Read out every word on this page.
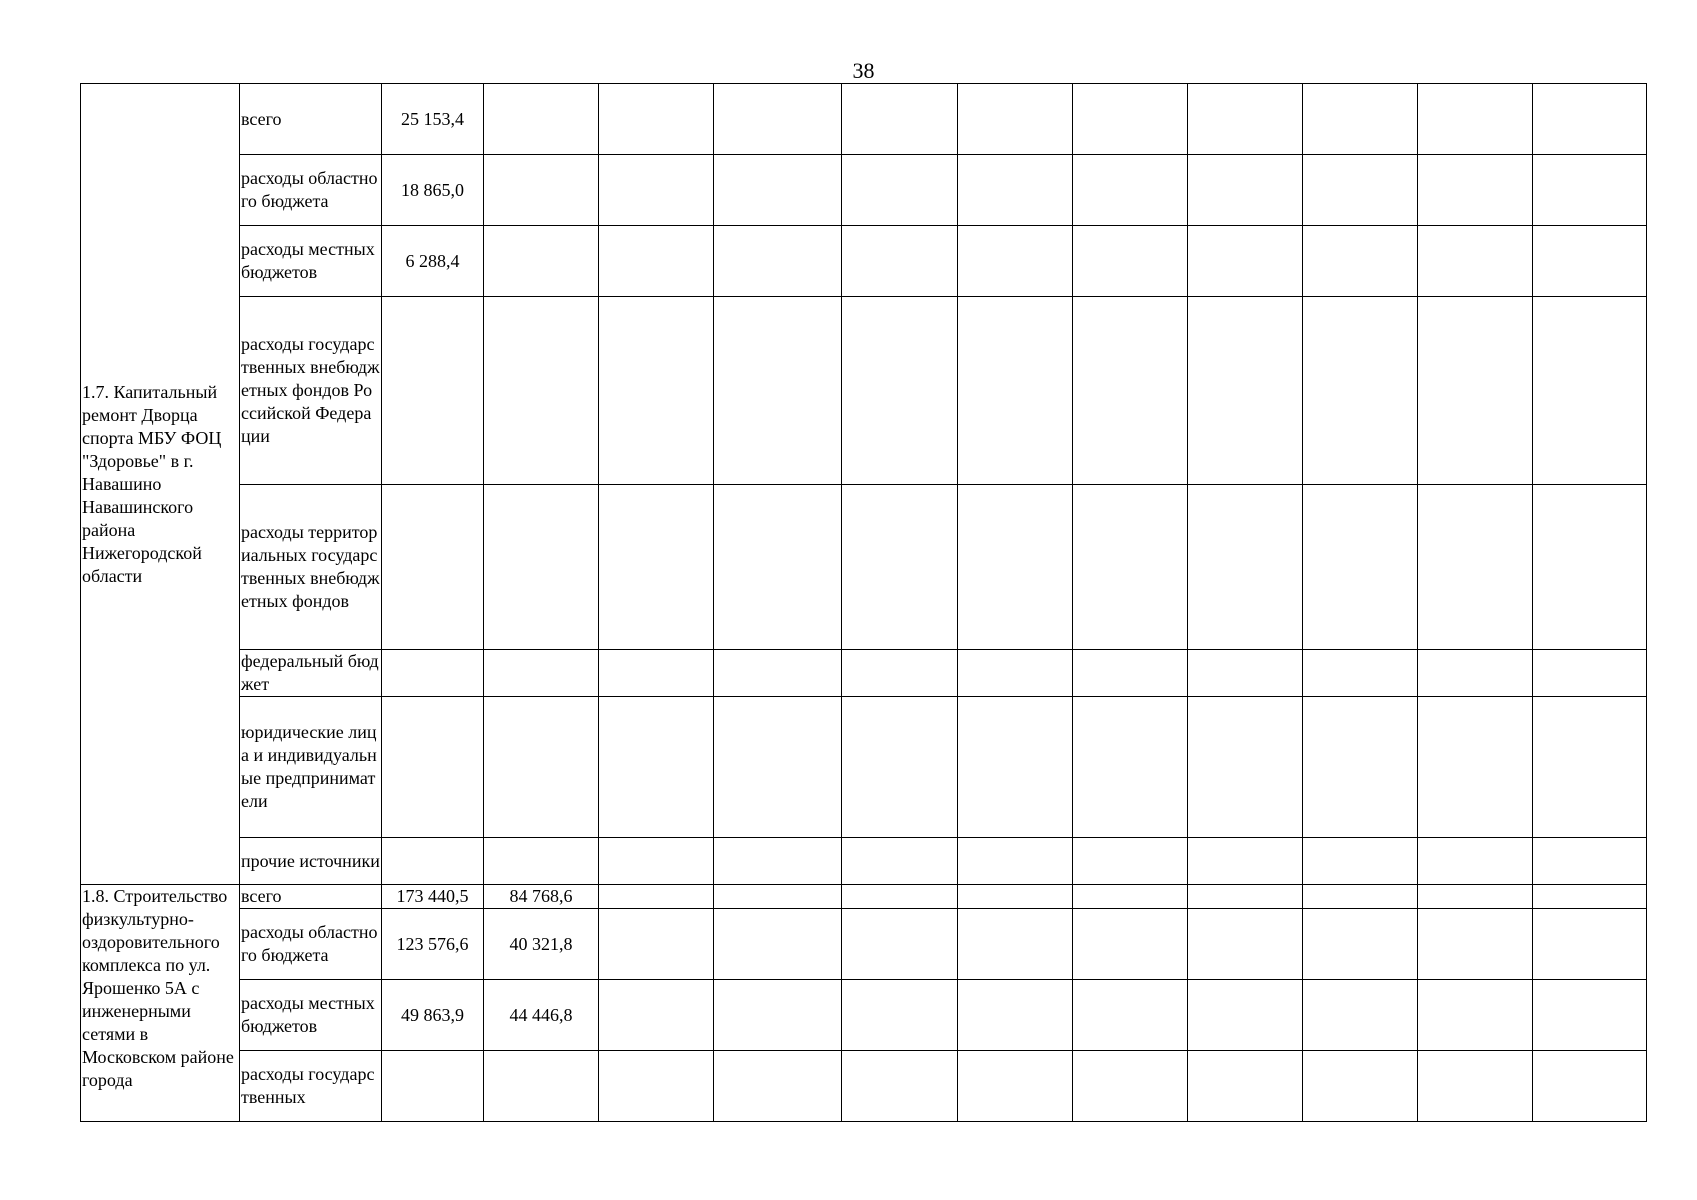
38
1.7. Капитальный ремонт Дворца спорта МБУ ФОЦ "Здоровье" в г. Навашино Навашинского района Нижегородской области	всего	25 153,4										
	расходы областного бюджета	18 865,0										
	расходы местных бюджетов	6 288,4										
	расходы государственных внебюджетных фондов Российской Федерации											
	расходы территориальных государственных внебюджетных фондов											
	федеральный бюджет											
	юридические лица и индивидуальные предприниматели											
	прочие источники											
1.8. Строительство физкультурно-оздоровительного комплекса по ул. Ярошенко 5А с инженерными сетями в Московском районе города	всего	173 440,5	84 768,6									
	расходы областного бюджета	123 576,6	40 321,8									
	расходы местных бюджетов	49 863,9	44 446,8									
	расходы государственных											
